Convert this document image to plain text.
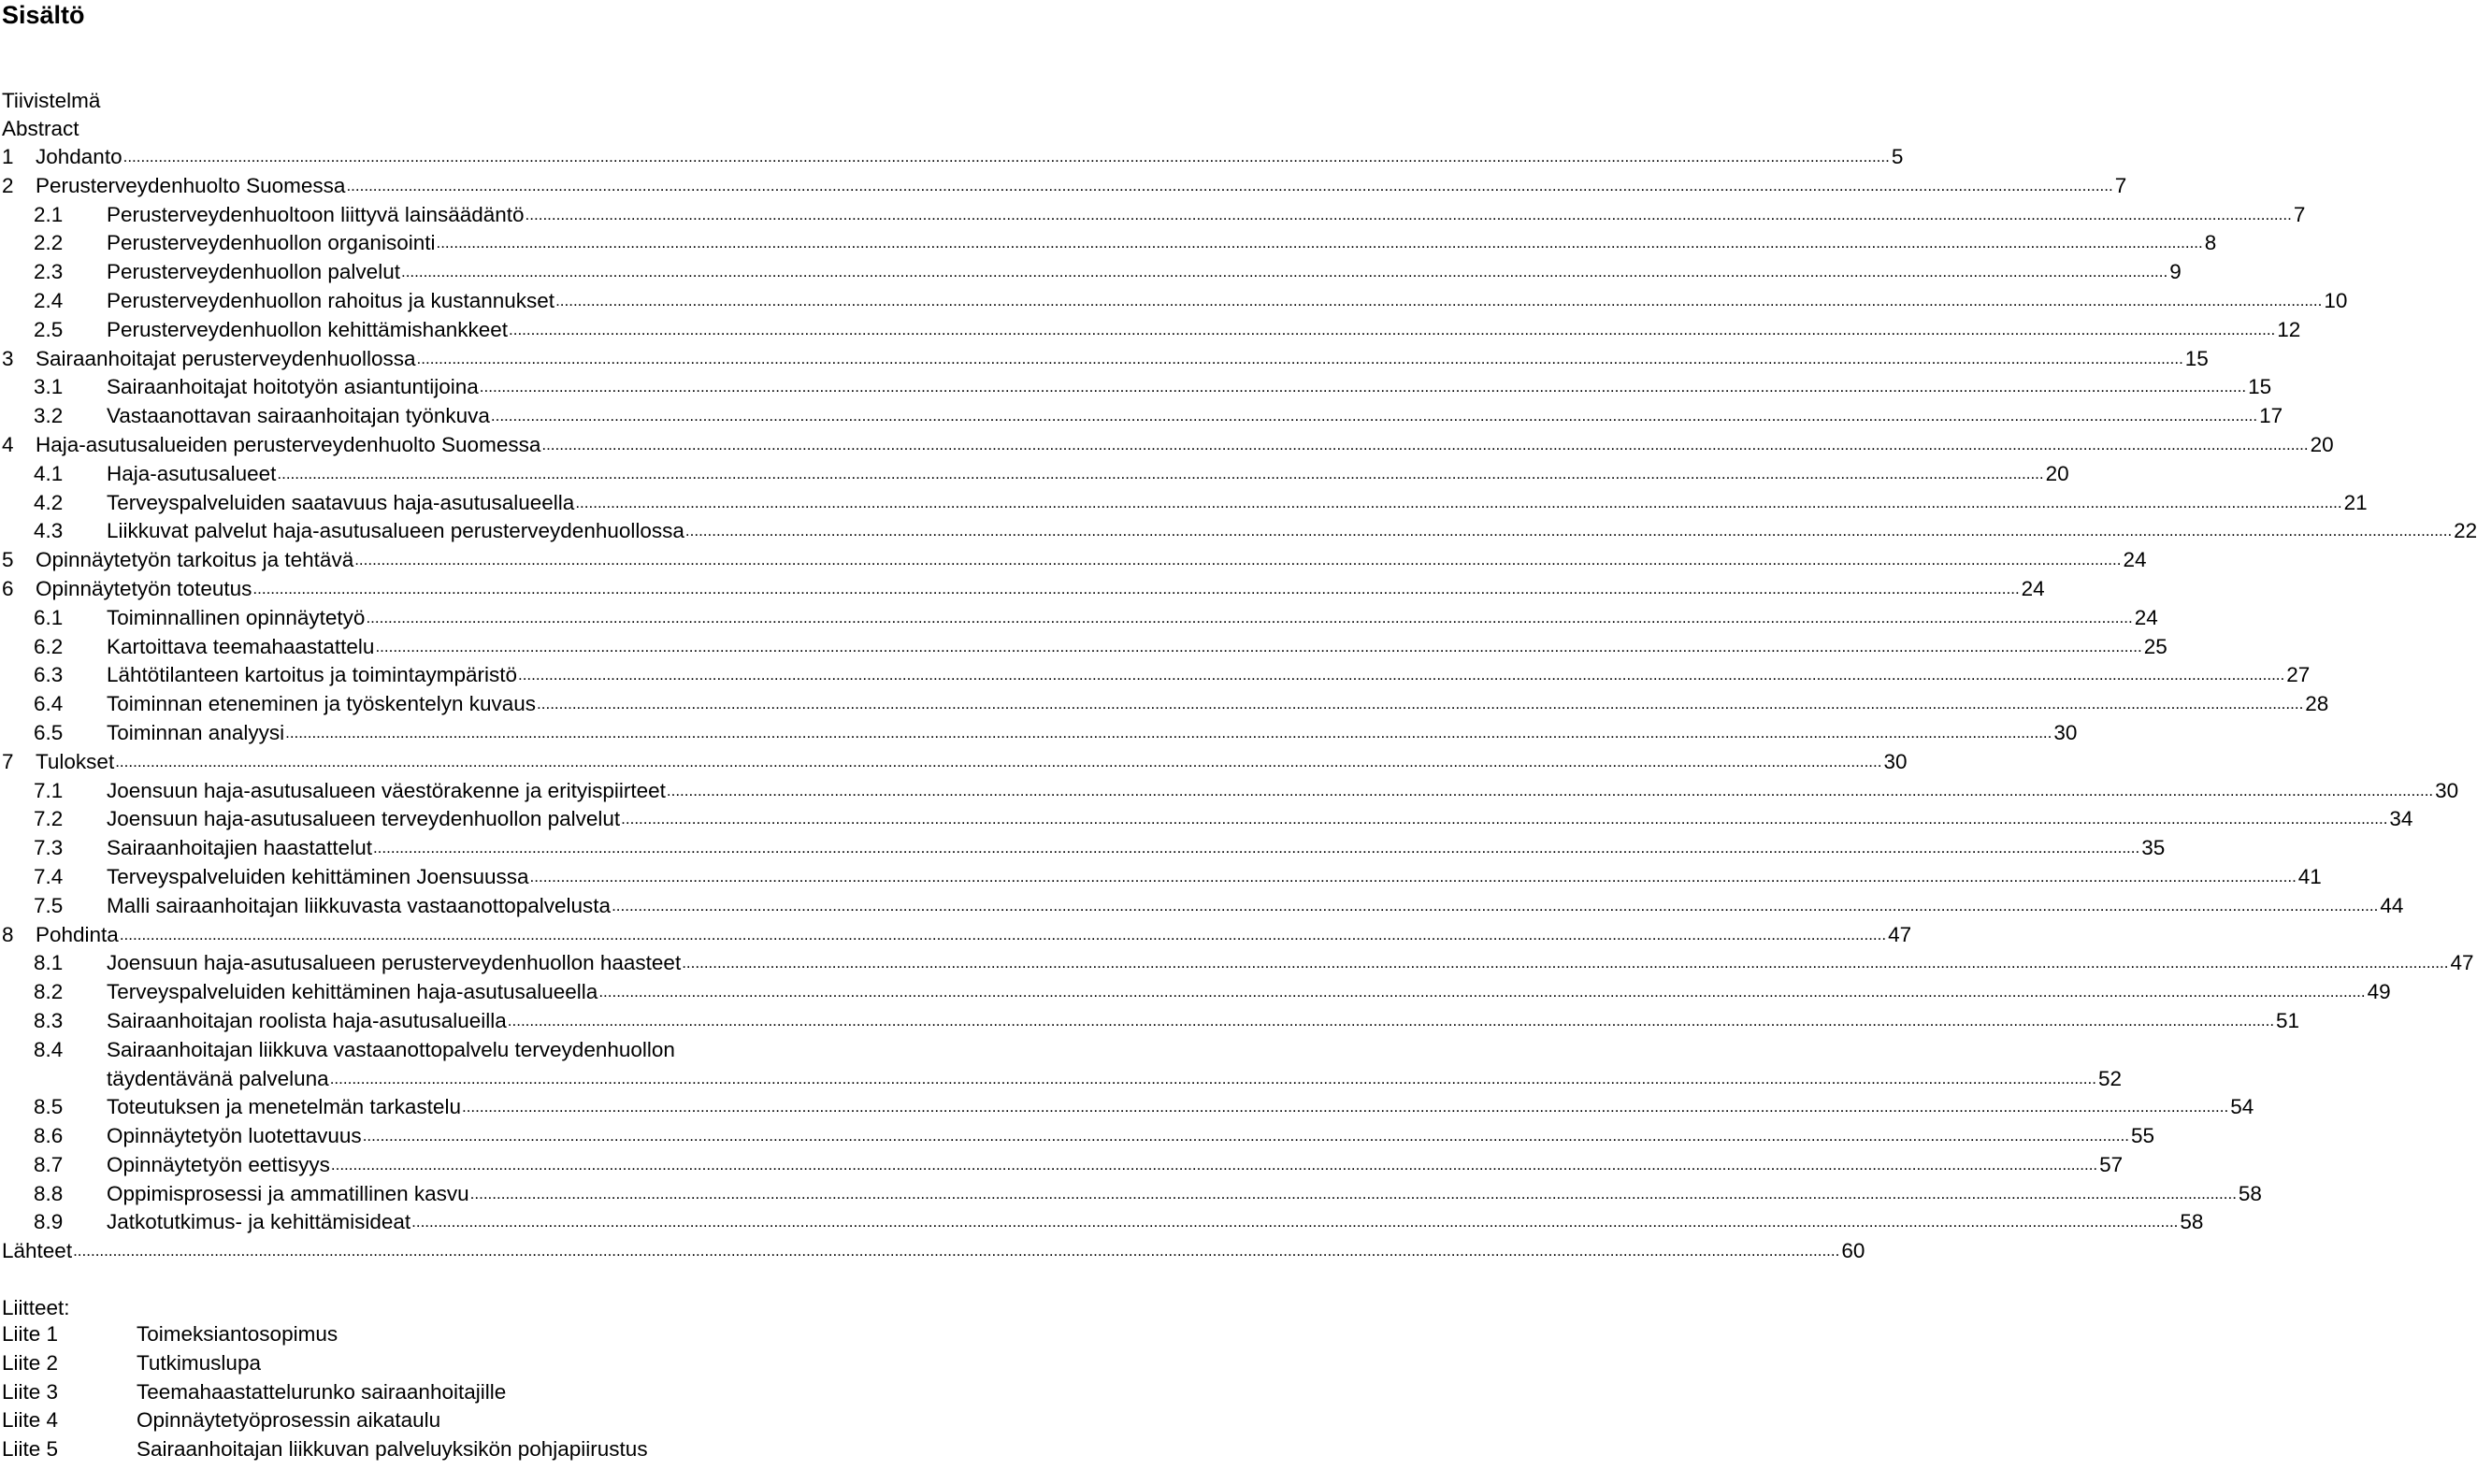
Sisältö
Tiivistelmä
Abstract
1 Johdanto ................................................................................................................................................................................................................................................................................................................................................................................................................ 5
2 Perusterveydenhuolto Suomessa ................................................................................................................................................................................................................................................................................................................................................................................................................ 7
2.1 Perusterveydenhuoltoon liittyvä lainsäädäntö ................................................................................................................................................................................................................................................................................................................................................................................................................ 7
2.2 Perusterveydenhuollon organisointi ................................................................................................................................................................................................................................................................................................................................................................................................................ 8
2.3 Perusterveydenhuollon palvelut ................................................................................................................................................................................................................................................................................................................................................................................................................ 9
2.4 Perusterveydenhuollon rahoitus ja kustannukset ................................................................................................................................................................................................................................................................................................................................................................................................................ 10
2.5 Perusterveydenhuollon kehittämishankkeet ................................................................................................................................................................................................................................................................................................................................................................................................................ 12
3 Sairaanhoitajat perusterveydenhuollossa ................................................................................................................................................................................................................................................................................................................................................................................................................ 15
3.1 Sairaanhoitajat hoitotyön asiantuntijoina ................................................................................................................................................................................................................................................................................................................................................................................................................ 15
3.2 Vastaanottavan sairaanhoitajan työnkuva ................................................................................................................................................................................................................................................................................................................................................................................................................ 17
4 Haja-asutusalueiden perusterveydenhuolto Suomessa ................................................................................................................................................................................................................................................................................................................................................................................................................ 20
4.1 Haja-asutusalueet ................................................................................................................................................................................................................................................................................................................................................................................................................ 20
4.2 Terveyspalveluiden saatavuus haja-asutusalueella ................................................................................................................................................................................................................................................................................................................................................................................................................ 21
4.3 Liikkuvat palvelut haja-asutusalueen perusterveydenhuollossa ................................................................................................................................................................................................................................................................................................................................................................................................................ 22
5 Opinnäytetyön tarkoitus ja tehtävä ................................................................................................................................................................................................................................................................................................................................................................................................................ 24
6 Opinnäytetyön toteutus ................................................................................................................................................................................................................................................................................................................................................................................................................ 24
6.1 Toiminnallinen opinnäytetyö ................................................................................................................................................................................................................................................................................................................................................................................................................ 24
6.2 Kartoittava teemahaastattelu ................................................................................................................................................................................................................................................................................................................................................................................................................ 25
6.3 Lähtötilanteen kartoitus ja toimintaympäristö ................................................................................................................................................................................................................................................................................................................................................................................................................ 27
6.4 Toiminnan eteneminen ja työskentelyn kuvaus ................................................................................................................................................................................................................................................................................................................................................................................................................ 28
6.5 Toiminnan analyysi ................................................................................................................................................................................................................................................................................................................................................................................................................ 30
7 Tulokset ................................................................................................................................................................................................................................................................................................................................................................................................................ 30
7.1 Joensuun haja-asutusalueen väestörakenne ja erityispiirteet ................................................................................................................................................................................................................................................................................................................................................................................................................ 30
7.2 Joensuun haja-asutusalueen terveydenhuollon palvelut ................................................................................................................................................................................................................................................................................................................................................................................................................ 34
7.3 Sairaanhoitajien haastattelut ................................................................................................................................................................................................................................................................................................................................................................................................................ 35
7.4 Terveyspalveluiden kehittäminen Joensuussa ................................................................................................................................................................................................................................................................................................................................................................................................................ 41
7.5 Malli sairaanhoitajan liikkuvasta vastaanottopalvelusta ................................................................................................................................................................................................................................................................................................................................................................................................................ 44
8 Pohdinta ................................................................................................................................................................................................................................................................................................................................................................................................................ 47
8.1 Joensuun haja-asutusalueen perusterveydenhuollon haasteet ................................................................................................................................................................................................................................................................................................................................................................................................................ 47
8.2 Terveyspalveluiden kehittäminen haja-asutusalueella ................................................................................................................................................................................................................................................................................................................................................................................................................ 49
8.3 Sairaanhoitajan roolista haja-asutusalueilla ................................................................................................................................................................................................................................................................................................................................................................................................................ 51
8.4 Sairaanhoitajan liikkuva vastaanottopalvelu terveydenhuollon
täydentävänä palveluna ................................................................................................................................................................................................................................................................................................................................................................................................................ 52
8.5 Toteutuksen ja menetelmän tarkastelu ................................................................................................................................................................................................................................................................................................................................................................................................................ 54
8.6 Opinnäytetyön luotettavuus ................................................................................................................................................................................................................................................................................................................................................................................................................ 55
8.7 Opinnäytetyön eettisyys ................................................................................................................................................................................................................................................................................................................................................................................................................ 57
8.8 Oppimisprosessi ja ammatillinen kasvu ................................................................................................................................................................................................................................................................................................................................................................................................................ 58
8.9 Jatkotutkimus- ja kehittämisideat ................................................................................................................................................................................................................................................................................................................................................................................................................ 58
Lähteet ................................................................................................................................................................................................................................................................................................................................................................................................................ 60
Liitteet:
Liite 1	Toimeksiantosopimus
Liite 2	Tutkimuslupa
Liite 3	Teemahaastattelurunko sairaanhoitajille
Liite 4	Opinnäytetyöprosessin aikataulu
Liite 5	Sairaanhoitajan liikkuvan palveluyksikön pohjapiirustus
